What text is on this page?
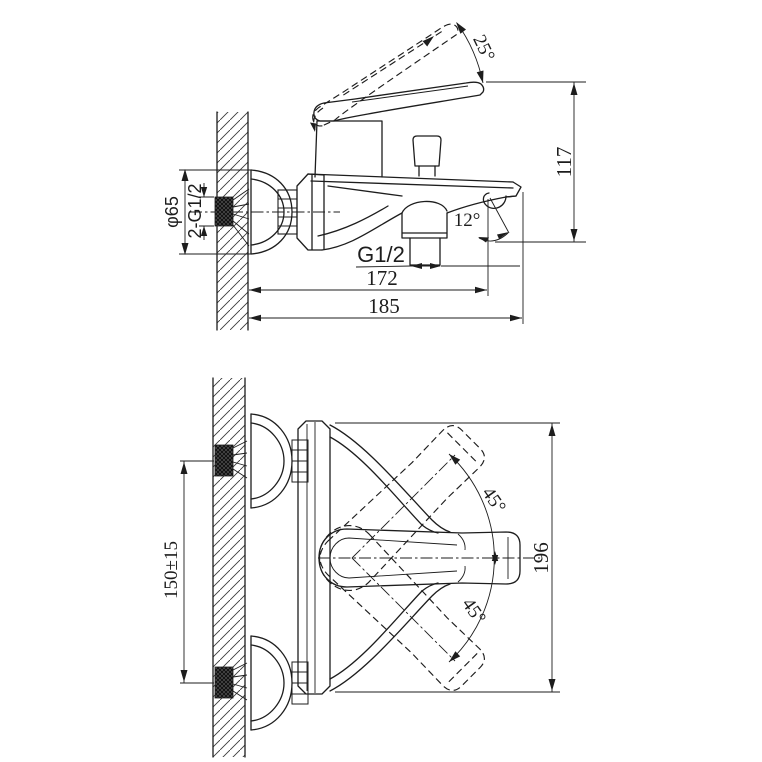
25°
12°
φ65 2-G1/2
G1/2
117
172
185
45°
45°
150±15	196
